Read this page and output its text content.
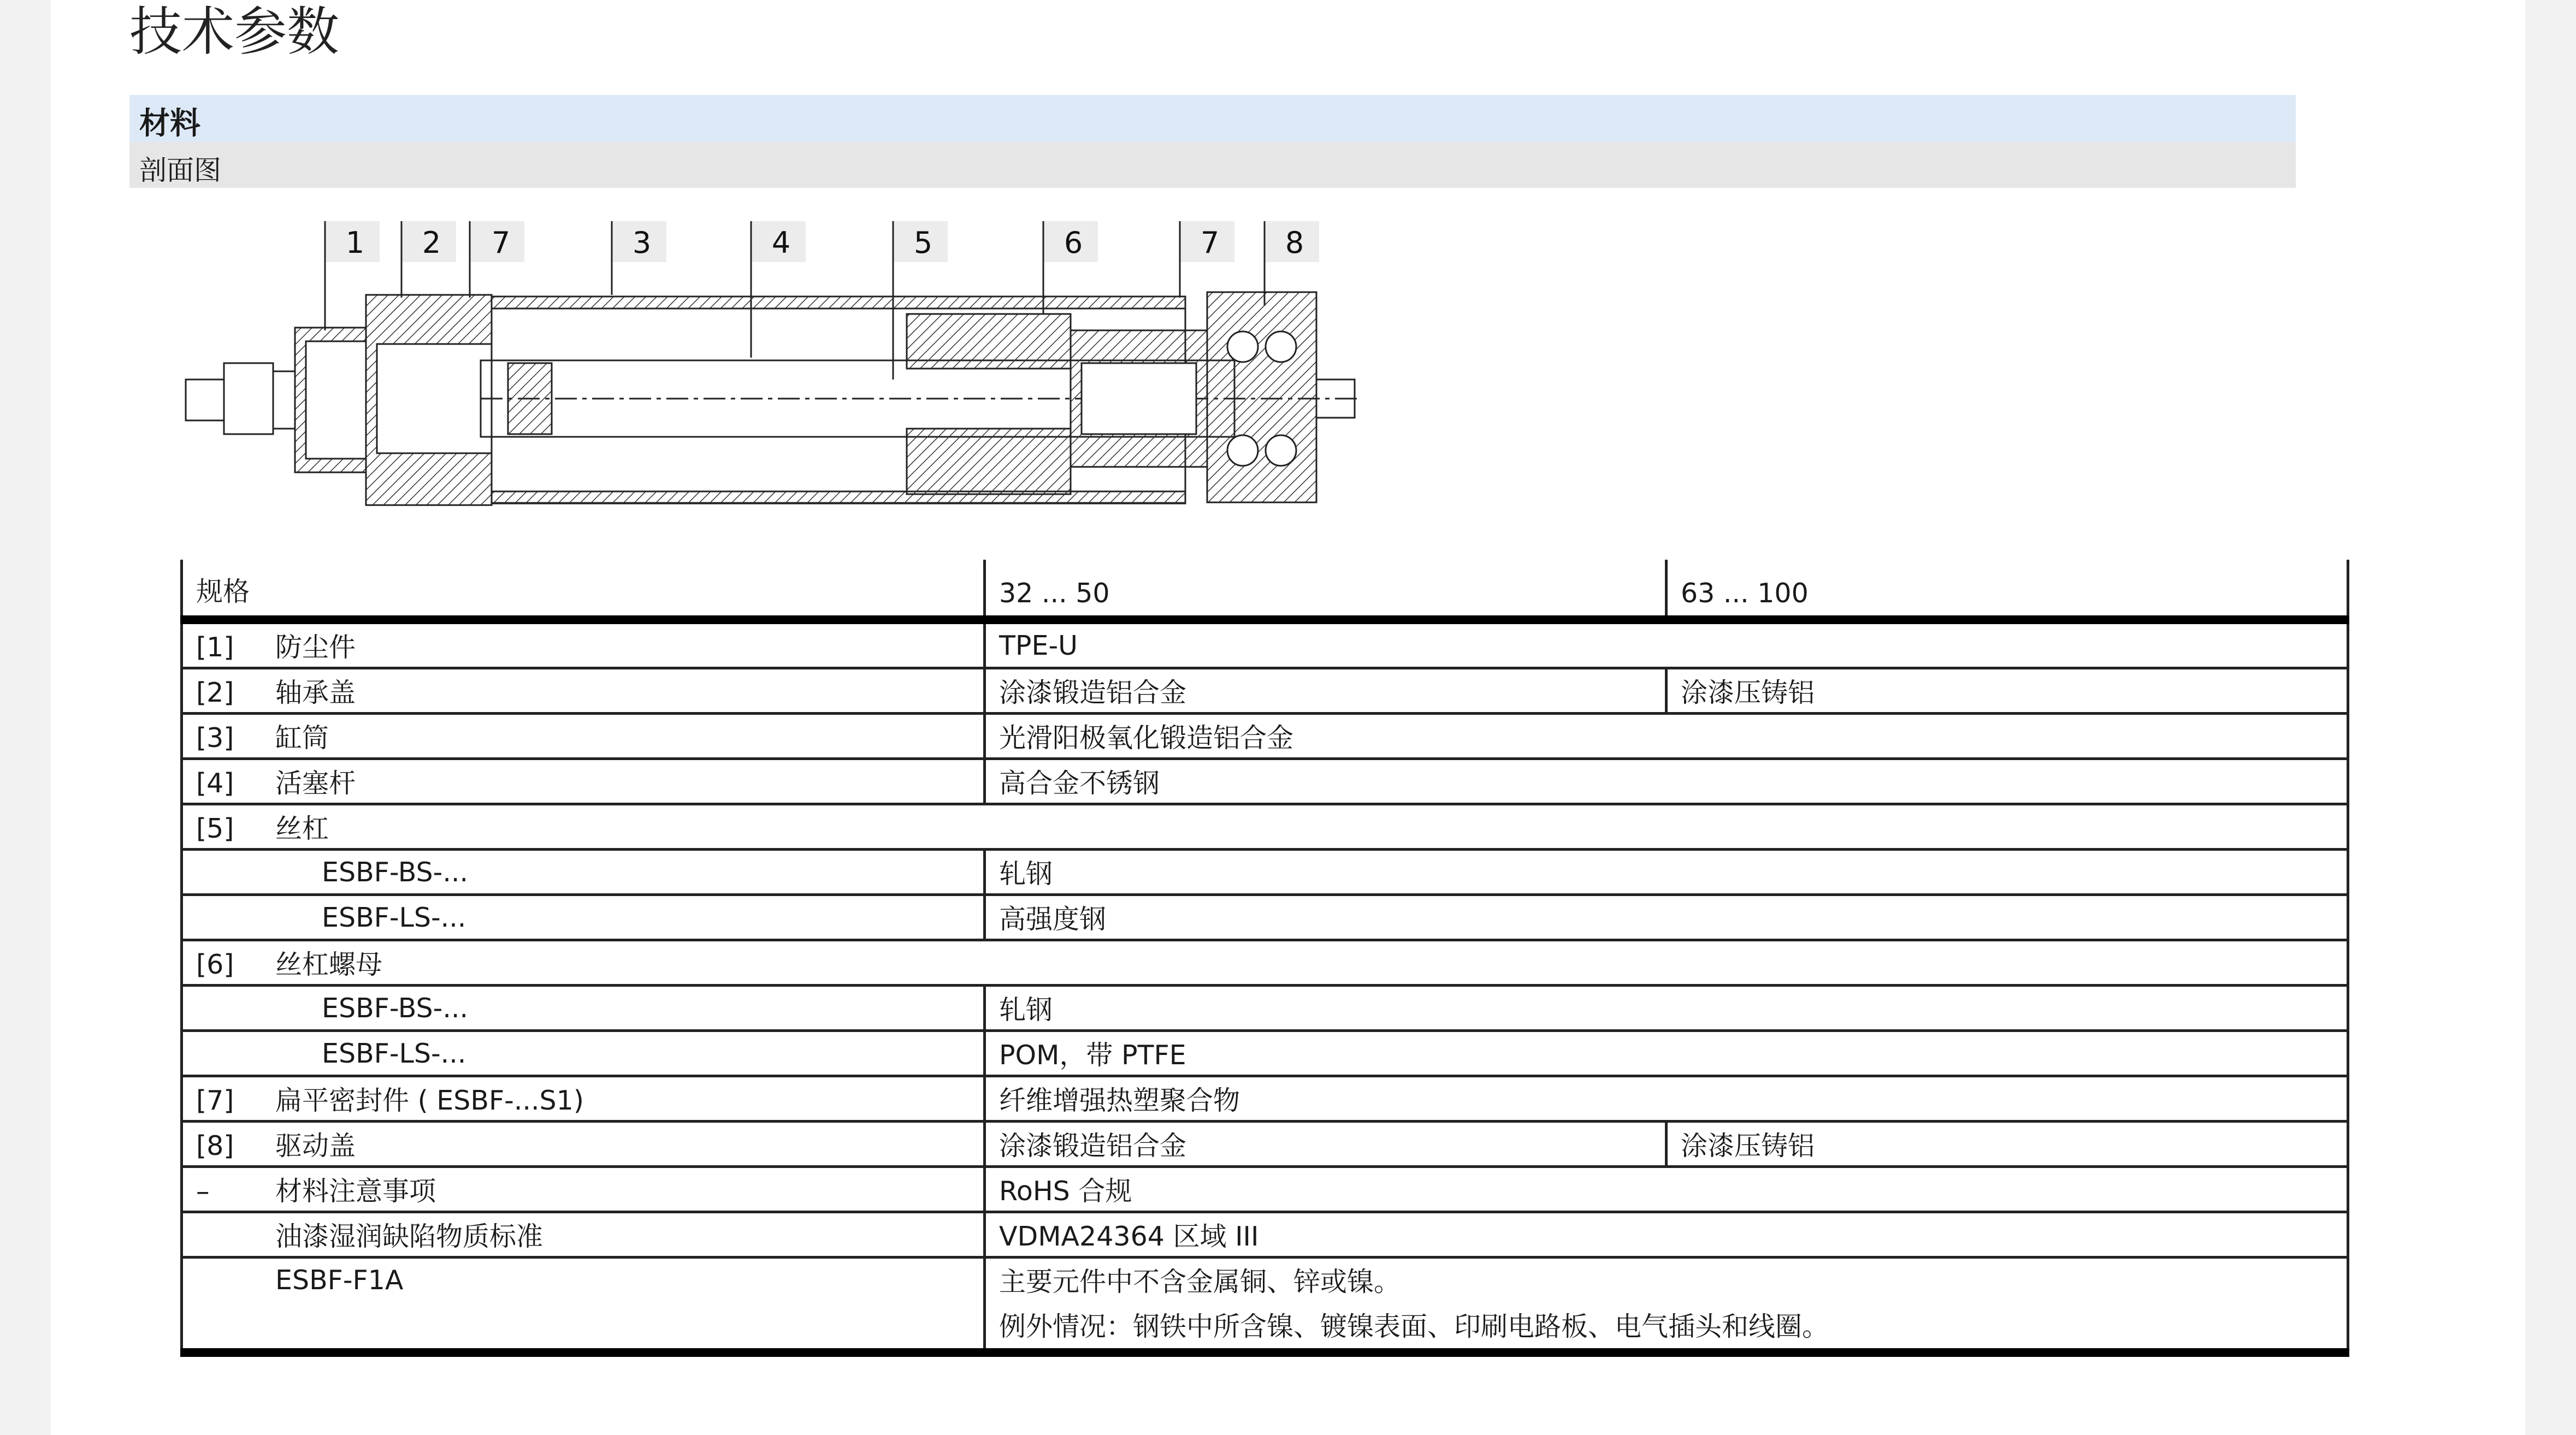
技术参数
材料
剖面图
1 2 7	3	4	5	6	7 8
规格	32 ... 50	63 ... 100
[1] 防尘件	TPE-U	
[2] 轴承盖	涂漆锻造铝合金	涂漆压铸铝
[3] 缸筒	光滑阳极氧化锻造铝合金	
[4] 活塞杆	高合金不锈钢	
[5] 丝杠		
ESBF-BS-...	轧钢	
ESBF-LS-...	高强度钢	
[6] 丝杠螺母		
ESBF-BS-...	轧钢	
ESBF-LS-...	POM，带 PTFE	
[7] 扁平密封件 ( ESBF-...S1)	纤维增强热塑聚合物	
[8] 驱动盖	涂漆锻造铝合金	涂漆压铸铝
– 材料注意事项	RoHS 合规	
油漆湿润缺陷物质标准	VDMA24364 区域 III	
ESBF-F1A	主要元件中不含金属铜、锌或镍。	
	例外情况：钢铁中所含镍、镀镍表面、印刷电路板、电气插头和线圈。	
